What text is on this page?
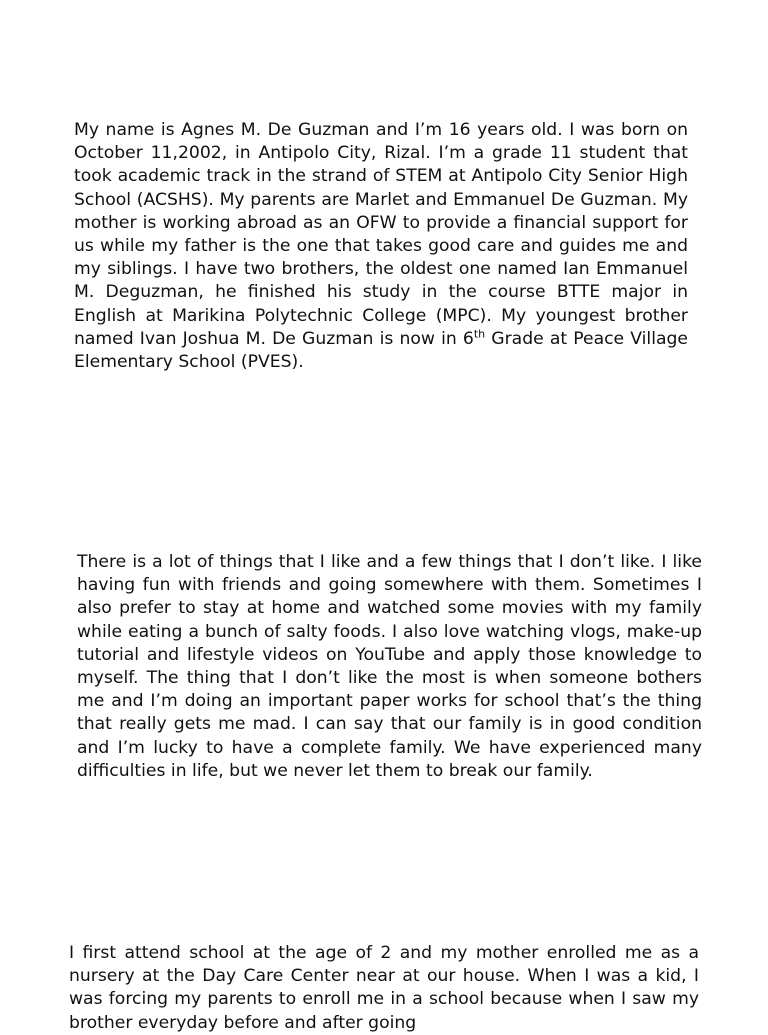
My name is Agnes M. De Guzman and I’m 16 years old. I was born on October 11,2002, in Antipolo City, Rizal. I’m a grade 11 student that took academic track in the strand of STEM at Antipolo City Senior High School (ACSHS). My parents are Marlet and Emmanuel De Guzman. My mother is working abroad as an OFW to provide a financial support for us while my father is the one that takes good care and guides me and my siblings. I have two brothers, the oldest one named Ian Emmanuel M. Deguzman, he finished his study in the course BTTE major in English at Marikina Polytechnic College (MPC). My youngest brother named Ivan Joshua M. De Guzman is now in 6th Grade at Peace Village Elementary School (PVES).

There is a lot of things that I like and a few things that I don’t like. I like having fun with friends and going somewhere with them. Sometimes I also prefer to stay at home and watched some movies with my family while eating a bunch of salty foods. I also love watching vlogs, make-up tutorial and lifestyle videos on YouTube and apply those knowledge to myself. The thing that I don’t like the most is when someone bothers me and I’m doing an important paper works for school that’s the thing that really gets me mad. I can say that our family is in good condition and I’m lucky to have a complete family. We have experienced many difficulties in life, but we never let them to break our family.

I first attend school at the age of 2 and my mother enrolled me as a nursery at the Day Care Center near at our house. When I was a kid, I was forcing my parents to enroll me in a school because when I saw my brother everyday before and after going
